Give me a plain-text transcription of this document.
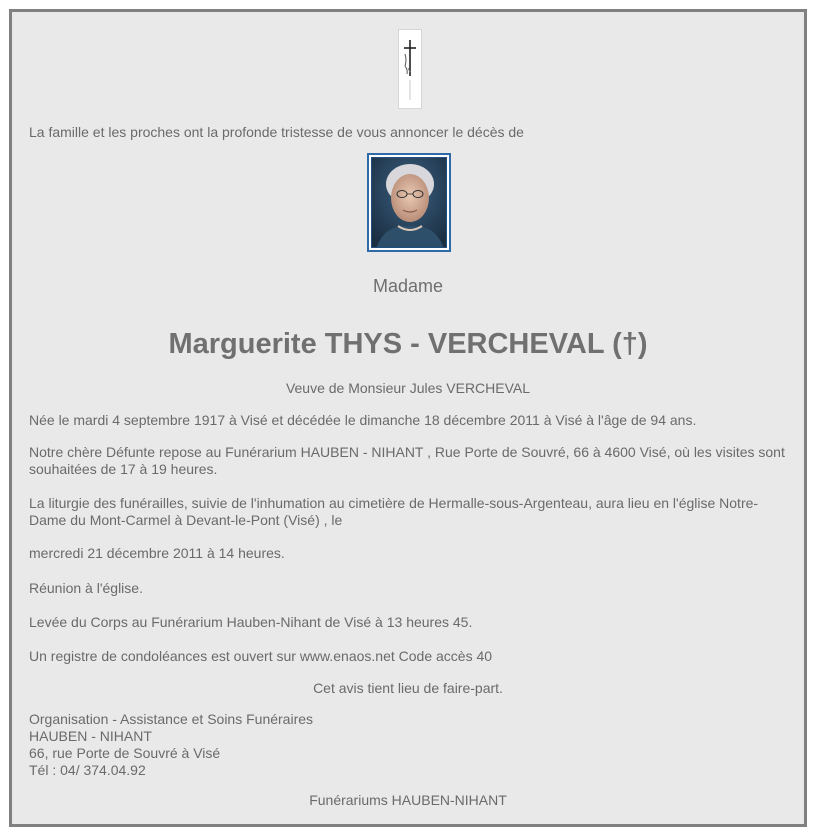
La famille et les proches ont la profonde tristesse de vous annoncer le décès de
Madame
Marguerite THYS - VERCHEVAL (†)
Veuve de Monsieur Jules VERCHEVAL

Née le mardi 4 septembre 1917 à Visé et décédée le dimanche 18 décembre 2011 à Visé à l'âge de 94 ans.

Notre chère Défunte repose au Funérarium HAUBEN - NIHANT , Rue Porte de Souvré, 66 à 4600 Visé, où les visites sont souhaitées de 17 à 19 heures.

La liturgie des funérailles, suivie de l'inhumation au cimetière de Hermalle-sous-Argenteau, aura lieu en l'église Notre-Dame du Mont-Carmel à Devant-le-Pont (Visé) , le

mercredi 21 décembre 2011 à 14 heures.

Réunion à l'église.

Levée du Corps au Funérarium Hauben-Nihant de Visé à 13 heures 45.

Un registre de condoléances est ouvert sur www.enaos.net Code accès 40

Cet avis tient lieu de faire-part.

Organisation - Assistance et Soins Funéraires

HAUBEN - NIHANT

66, rue Porte de Souvré à Visé

Tél : 04/ 374.04.92

Funérariums HAUBEN-NIHANT
